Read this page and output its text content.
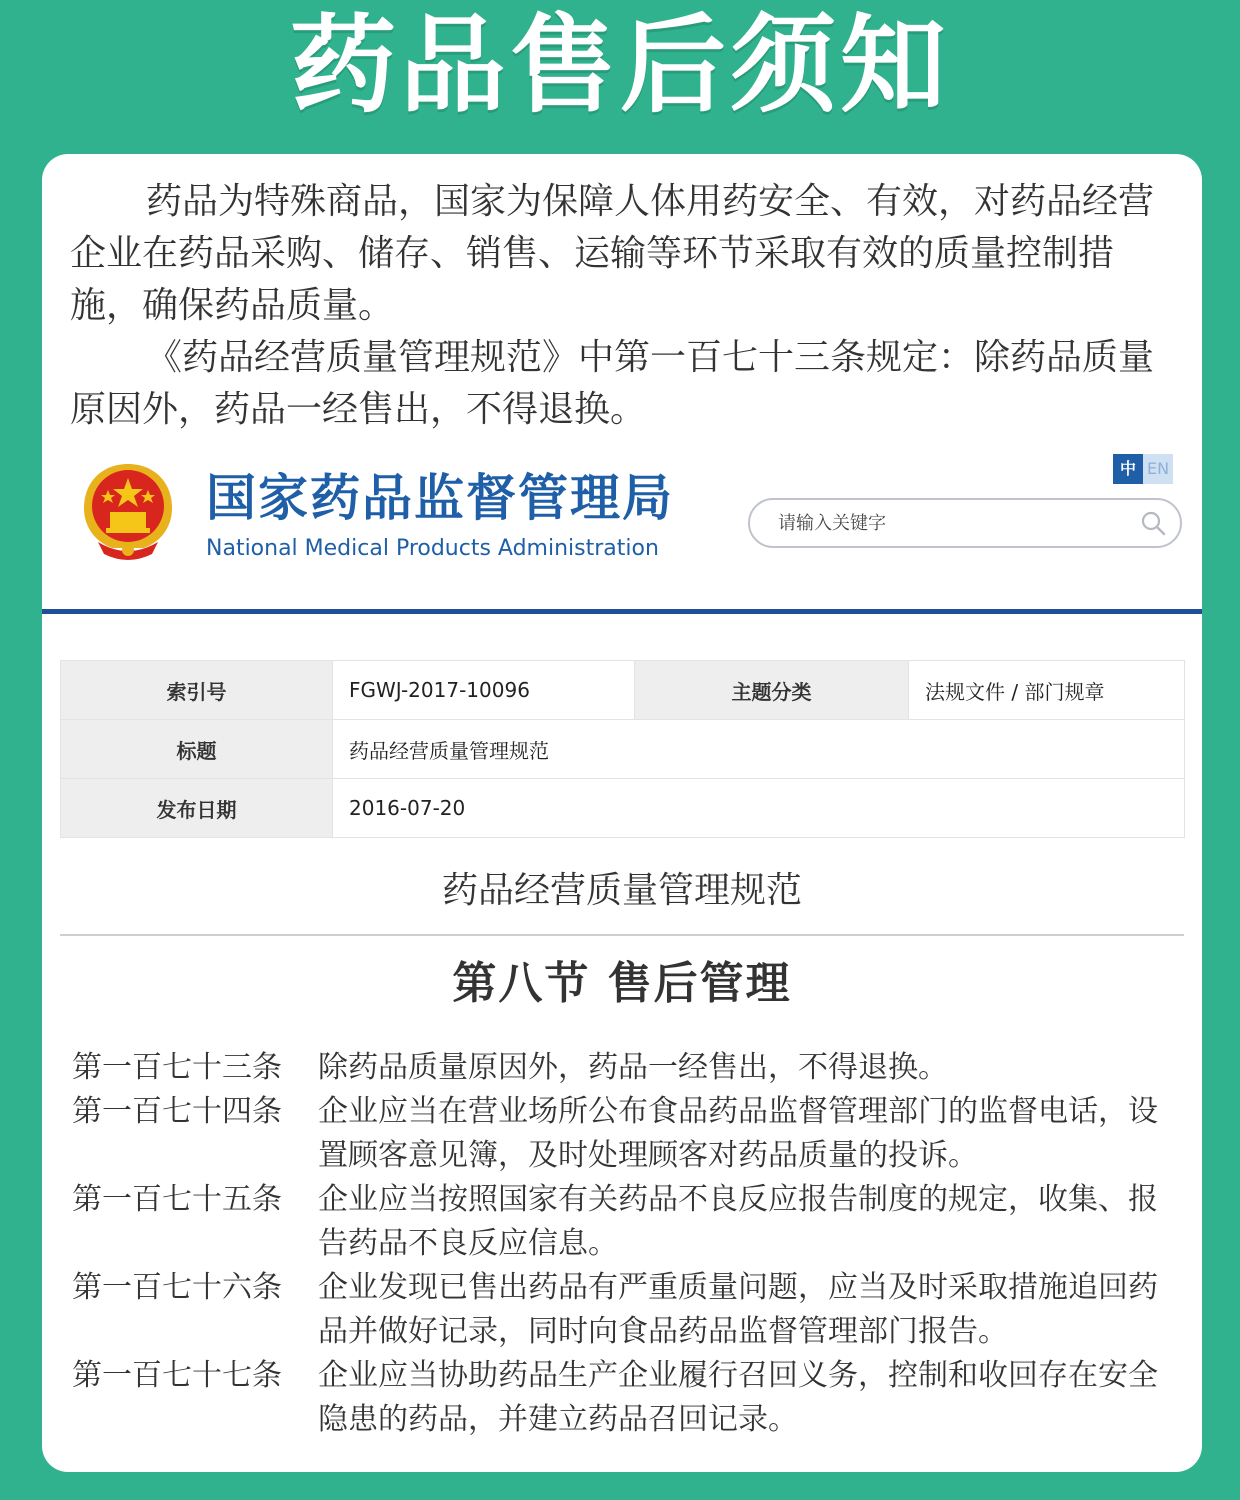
药品售后须知

药品为特殊商品，国家为保障人体用药安全、有效，对药品经营企业在药品采购、储存、销售、运输等环节采取有效的质量控制措施，确保药品质量。

《药品经营质量管理规范》中第一百七十三条规定：除药品质量原因外，药品一经售出，不得退换。

国家药品监督管理局
National Medical Products Administration
中 EN
请输入关键字
索引号	FGWJ-2017-10096	主题分类	法规文件 / 部门规章
标题	药品经营质量管理规范		
发布日期	2016-07-20		
药品经营质量管理规范
第八节 售后管理
第一百七十三条	除药品质量原因外，药品一经售出，不得退换。
第一百七十四条	企业应当在营业场所公布食品药品监督管理部门的监督电话，设置顾客意见簿，及时处理顾客对药品质量的投诉。
第一百七十五条	企业应当按照国家有关药品不良反应报告制度的规定，收集、报告药品不良反应信息。
第一百七十六条	企业发现已售出药品有严重质量问题，应当及时采取措施追回药品并做好记录，同时向食品药品监督管理部门报告。
第一百七十七条	企业应当协助药品生产企业履行召回义务，控制和收回存在安全隐患的药品，并建立药品召回记录。
